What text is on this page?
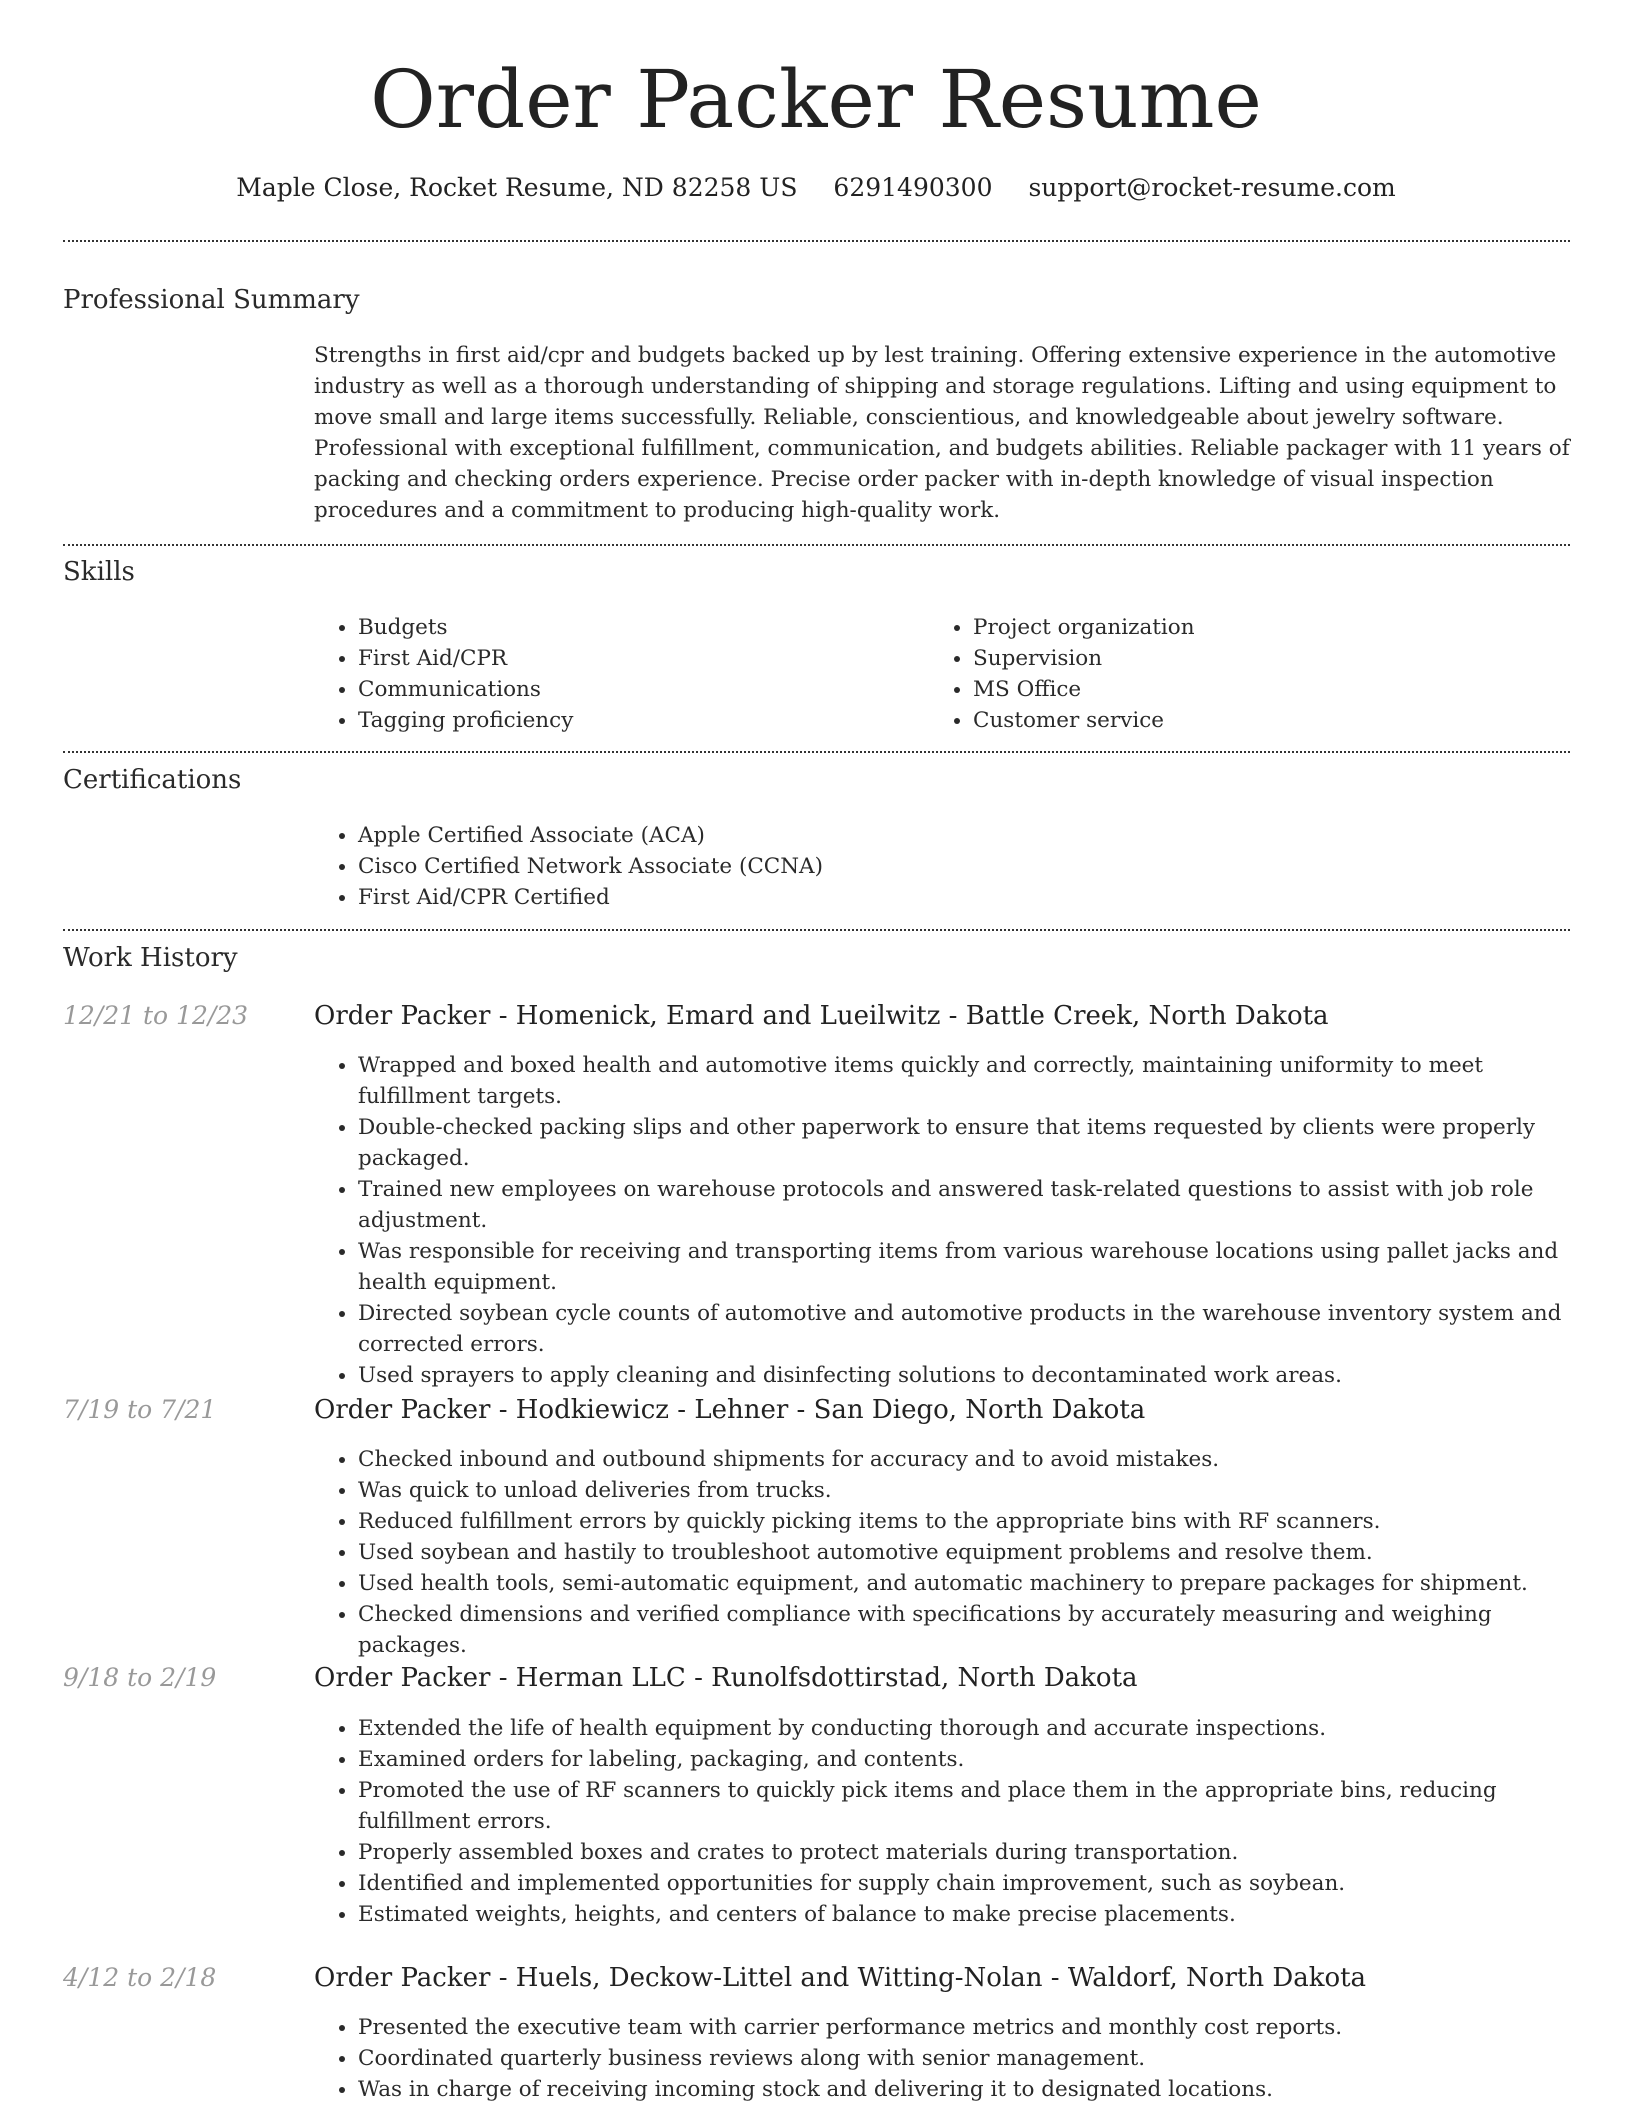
Order Packer Resume
Maple Close, Rocket Resume, ND 82258 US 6291490300 support@rocket-resume.com
Professional Summary

Strengths in first aid/cpr and budgets backed up by lest training. Offering extensive experience in the automotive industry as well as a thorough understanding of shipping and storage regulations. Lifting and using equipment to move small and large items successfully. Reliable, conscientious, and knowledgeable about jewelry software. Professional with exceptional fulfillment, communication, and budgets abilities. Reliable packager with 11 years of packing and checking orders experience. Precise order packer with in-depth knowledge of visual inspection procedures and a commitment to producing high-quality work.

Skills
• Budgets
• First Aid/CPR
• Communications
• Tagging proficiency
• Project organization
• Supervision
• MS Office
• Customer service
Certifications
• Apple Certified Associate (ACA)
• Cisco Certified Network Associate (CCNA)
• First Aid/CPR Certified
Work History
12/21 to 12/23	Order Packer - Homenick, Emard and Lueilwitz - Battle Creek, North Dakota
• Wrapped and boxed health and automotive items quickly and correctly, maintaining uniformity to meet fulfillment targets.
• Double-checked packing slips and other paperwork to ensure that items requested by clients were properly packaged.
• Trained new employees on warehouse protocols and answered task-related questions to assist with job role adjustment.
• Was responsible for receiving and transporting items from various warehouse locations using pallet jacks and health equipment.
• Directed soybean cycle counts of automotive and automotive products in the warehouse inventory system and corrected errors.
• Used sprayers to apply cleaning and disinfecting solutions to decontaminated work areas.
7/19 to 7/21	Order Packer - Hodkiewicz - Lehner - San Diego, North Dakota
• Checked inbound and outbound shipments for accuracy and to avoid mistakes.
• Was quick to unload deliveries from trucks.
• Reduced fulfillment errors by quickly picking items to the appropriate bins with RF scanners.
• Used soybean and hastily to troubleshoot automotive equipment problems and resolve them.
• Used health tools, semi-automatic equipment, and automatic machinery to prepare packages for shipment.
• Checked dimensions and verified compliance with specifications by accurately measuring and weighing packages.
9/18 to 2/19	Order Packer - Herman LLC - Runolfsdottirstad, North Dakota
• Extended the life of health equipment by conducting thorough and accurate inspections.
• Examined orders for labeling, packaging, and contents.
• Promoted the use of RF scanners to quickly pick items and place them in the appropriate bins, reducing fulfillment errors.
• Properly assembled boxes and crates to protect materials during transportation.
• Identified and implemented opportunities for supply chain improvement, such as soybean.
• Estimated weights, heights, and centers of balance to make precise placements.
4/12 to 2/18	Order Packer - Huels, Deckow-Littel and Witting-Nolan - Waldorf, North Dakota
• Presented the executive team with carrier performance metrics and monthly cost reports.
• Coordinated quarterly business reviews along with senior management.
• Was in charge of receiving incoming stock and delivering it to designated locations.
